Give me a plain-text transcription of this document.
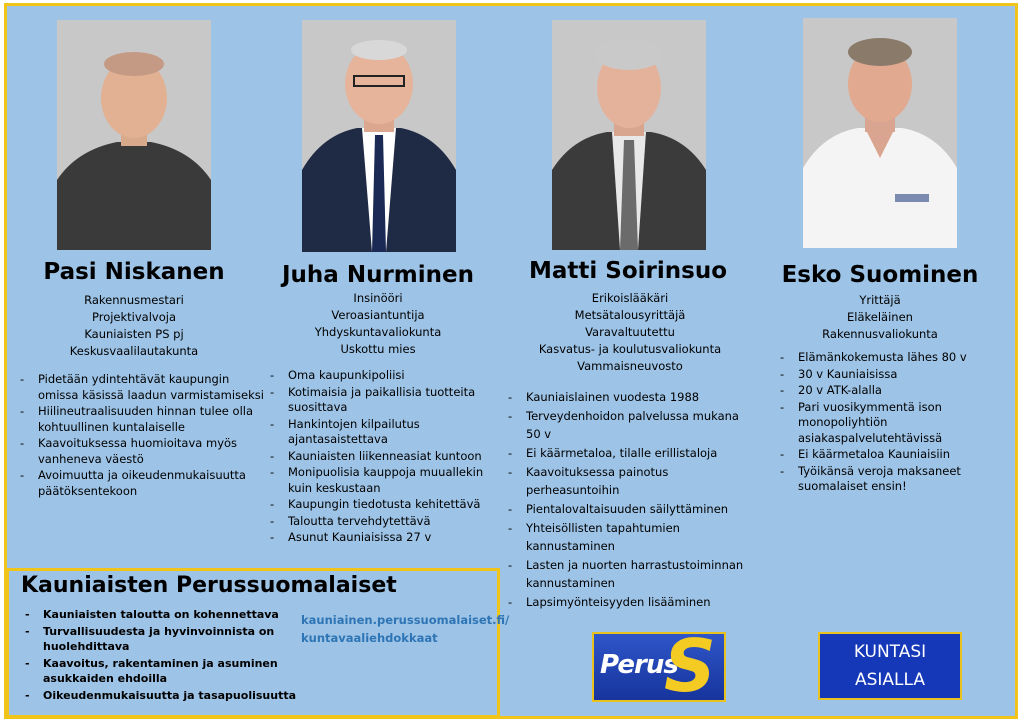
Pasi Niskanen
Rakennusmestari
Projektivalvoja
Kauniaisten PS pj
Keskusvaalilautakunta
- Pidetään ydintehtävät kaupungin omissa käsissä laadun varmistamiseksi
- Hiilineutraalisuuden hinnan tulee olla kohtuullinen kuntalaiselle
- Kaavoituksessa huomioitava myös vanheneva väestö
- Avoimuutta ja oikeudenmukaisuutta päätöksentekoon
Juha Nurminen
Insinööri
Veroasiantuntija
Yhdyskuntavaliokunta
Uskottu mies
- Oma kaupunkipoliisi
- Kotimaisia ja paikallisia tuotteita suosittava
- Hankintojen kilpailutus ajantasaistettava
- Kauniaisten liikenneasiat kuntoon
- Monipuolisia kauppoja muuallekin kuin keskustaan
- Kaupungin tiedotusta kehitettävä
- Taloutta tervehdytettävä
- Asunut Kauniaisissa 27 v
Matti Soirinsuo
Erikoislääkäri
Metsätalousyrittäjä
Varavaltuutettu
Kasvatus- ja koulutusvaliokunta
Vammaisneuvosto
- Kauniaislainen vuodesta 1988
- Terveydenhoidon palvelussa mukana 50 v
- Ei käärmetaloa, tilalle erillistaloja
- Kaavoituksessa painotus perheasuntoihin
- Pientalovaltaisuuden säilyttäminen
- Yhteisöllisten tapahtumien kannustaminen
- Lasten ja nuorten harrastustoiminnan kannustaminen
- Lapsimyönteisyyden lisääminen
Esko Suominen
Yrittäjä
Eläkeläinen
Rakennusvaliokunta
- Elämänkokemusta lähes 80 v
- 30 v Kauniaisissa
- 20 v ATK-alalla
- Pari vuosikymmentä ison monopoliyhtiön asiakaspalvelutehtävissä
- Ei käärmetaloa Kauniaisiin
- Työikänsä veroja maksaneet suomalaiset ensin!
Kauniaisten Perussuomalaiset
- Kauniaisten taloutta on kohennettava
- Turvallisuudesta ja hyvinvoinnista on huolehdittava
- Kaavoitus, rakentaminen ja asuminen asukkaiden ehdoilla
- Oikeudenmukaisuutta ja tasapuolisuutta
kauniainen.perussuomalaiset.fi/
kuntavaaliehdokkaat
Perus
S	KUNTASI
ASIALLA
